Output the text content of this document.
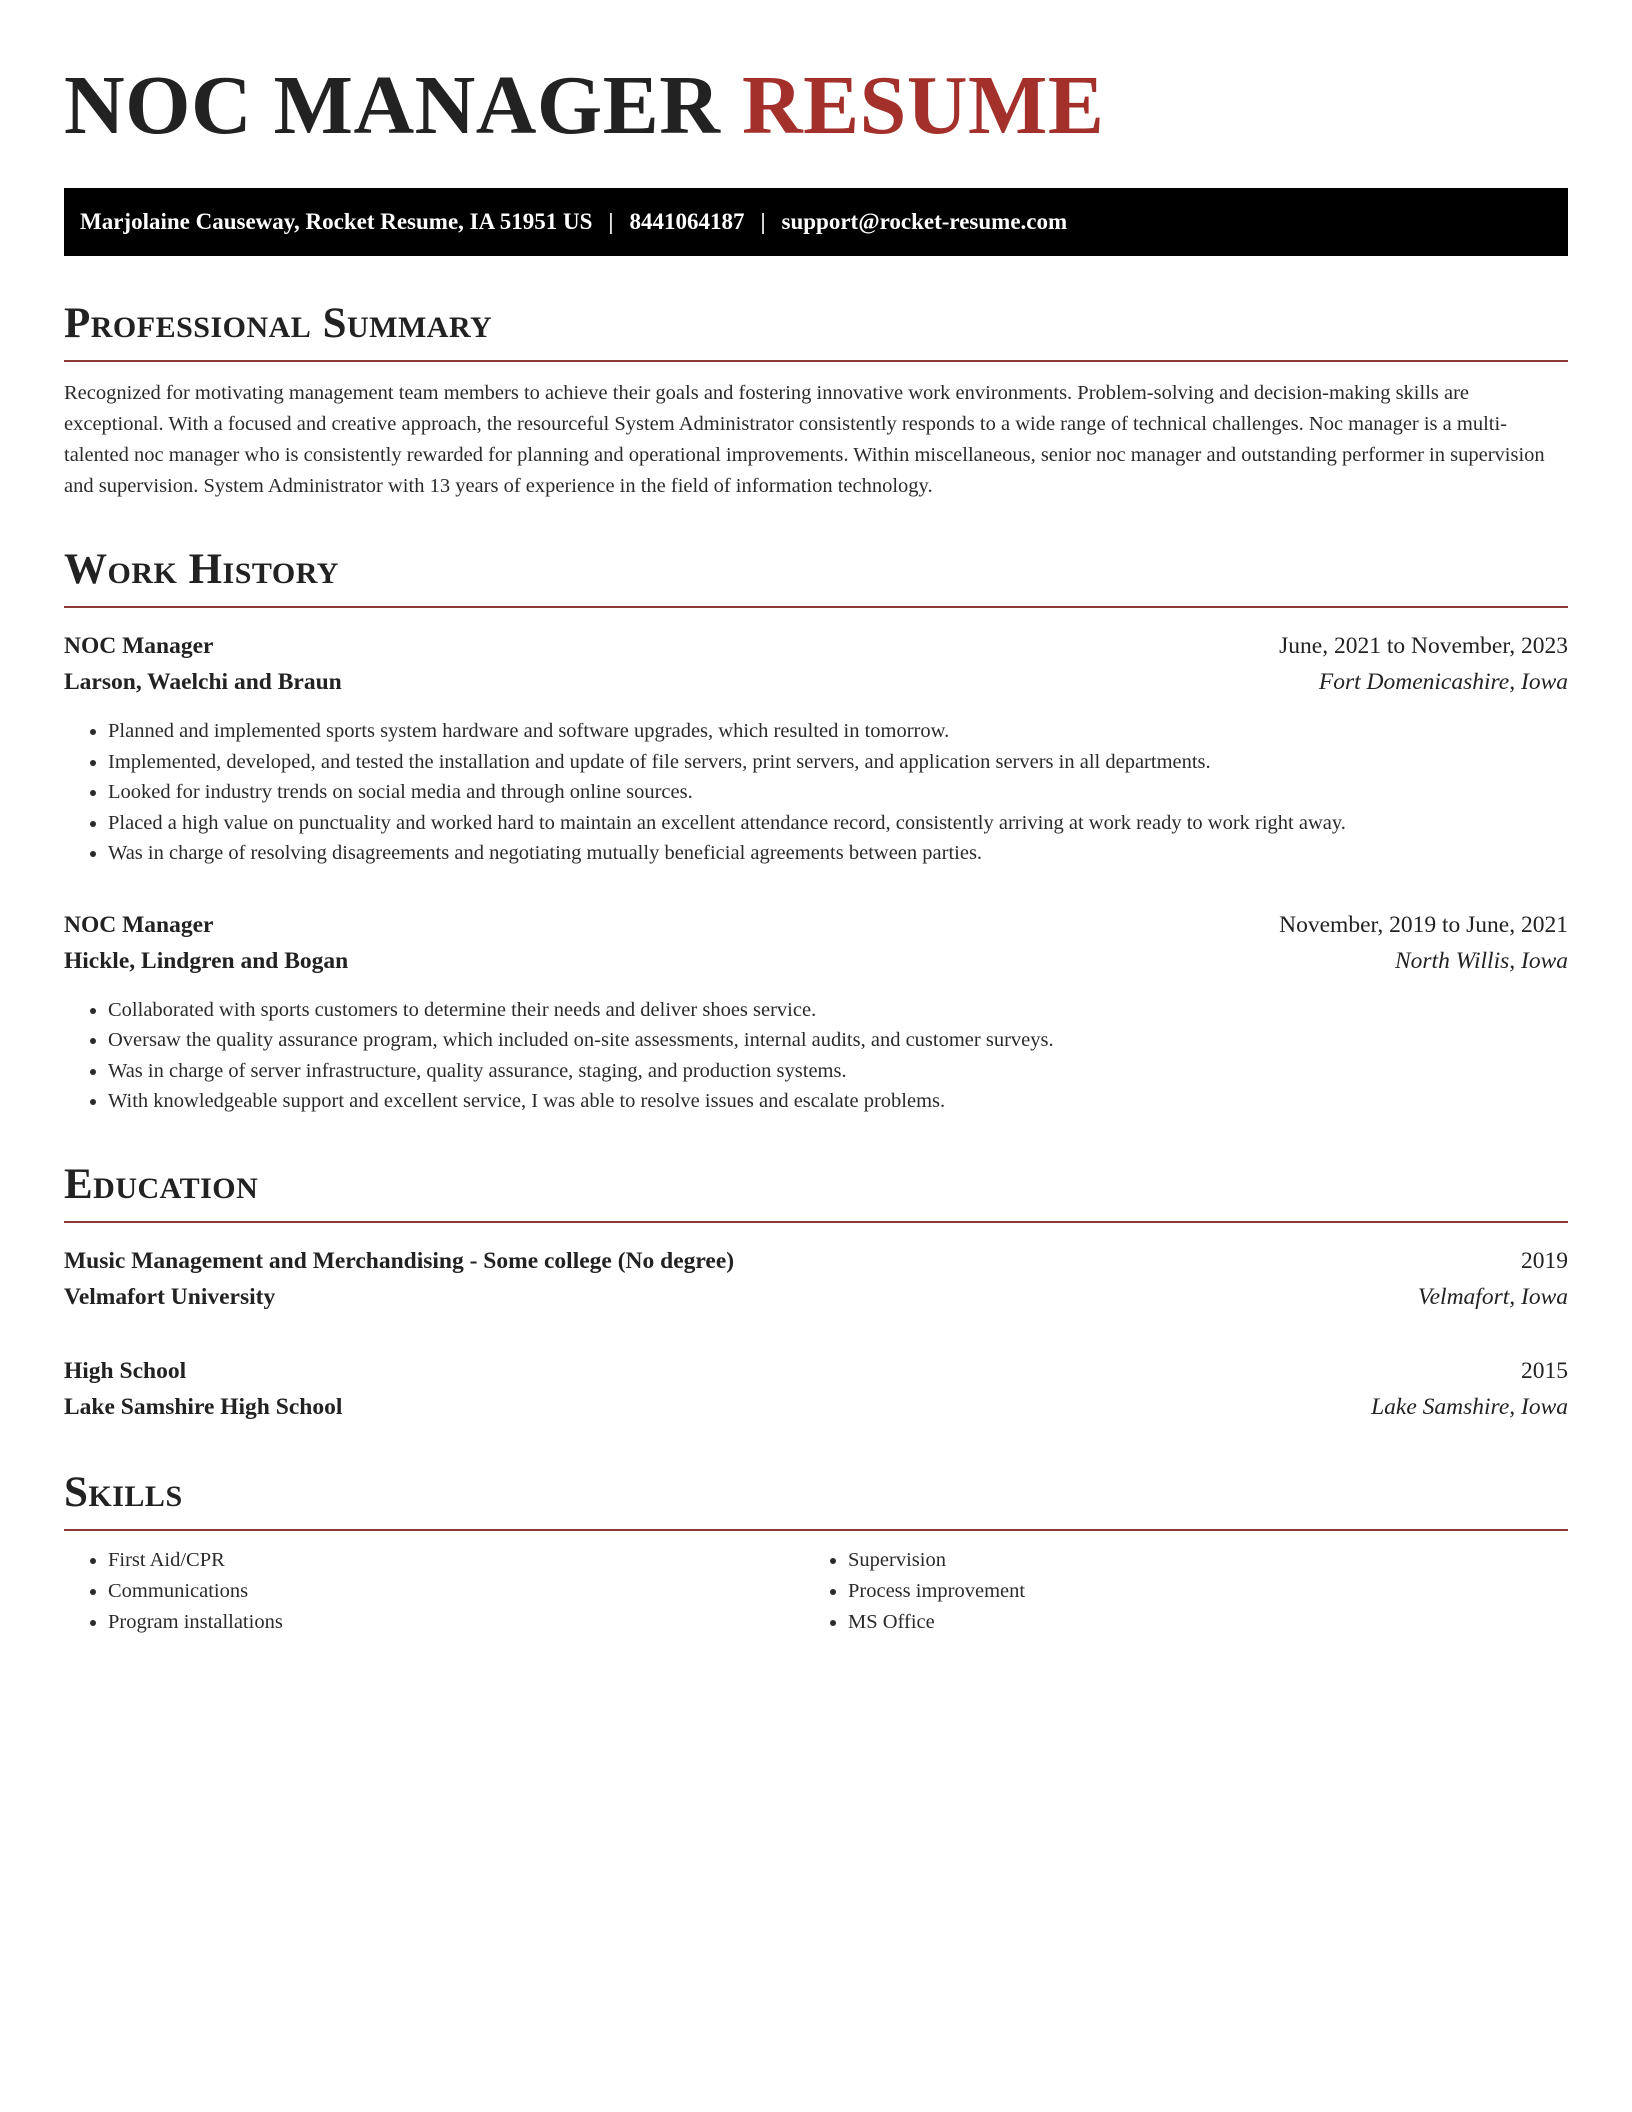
NOC MANAGER RESUME
Marjolaine Causeway, Rocket Resume, IA 51951 US | 8441064187 | support@rocket-resume.com
Professional Summary

Recognized for motivating management team members to achieve their goals and fostering innovative work environments. Problem-solving and decision-making skills are exceptional. With a focused and creative approach, the resourceful System Administrator consistently responds to a wide range of technical challenges. Noc manager is a multi-talented noc manager who is consistently rewarded for planning and operational improvements. Within miscellaneous, senior noc manager and outstanding performer in supervision and supervision. System Administrator with 13 years of experience in the field of information technology.

Work History
NOC Manager	June, 2021 to November, 2023
Larson, Waelchi and Braun	Fort Domenicashire, Iowa
• Planned and implemented sports system hardware and software upgrades, which resulted in tomorrow.
• Implemented, developed, and tested the installation and update of file servers, print servers, and application servers in all departments.
• Looked for industry trends on social media and through online sources.
• Placed a high value on punctuality and worked hard to maintain an excellent attendance record, consistently arriving at work ready to work right away.
• Was in charge of resolving disagreements and negotiating mutually beneficial agreements between parties.
NOC Manager	November, 2019 to June, 2021
Hickle, Lindgren and Bogan	North Willis, Iowa
• Collaborated with sports customers to determine their needs and deliver shoes service.
• Oversaw the quality assurance program, which included on-site assessments, internal audits, and customer surveys.
• Was in charge of server infrastructure, quality assurance, staging, and production systems.
• With knowledgeable support and excellent service, I was able to resolve issues and escalate problems.
Education
Music Management and Merchandising - Some college (No degree)	2019
Velmafort University	Velmafort, Iowa
High School	2015
Lake Samshire High School	Lake Samshire, Iowa
Skills
• First Aid/CPR
• Communications
• Program installations
• Supervision
• Process improvement
• MS Office
